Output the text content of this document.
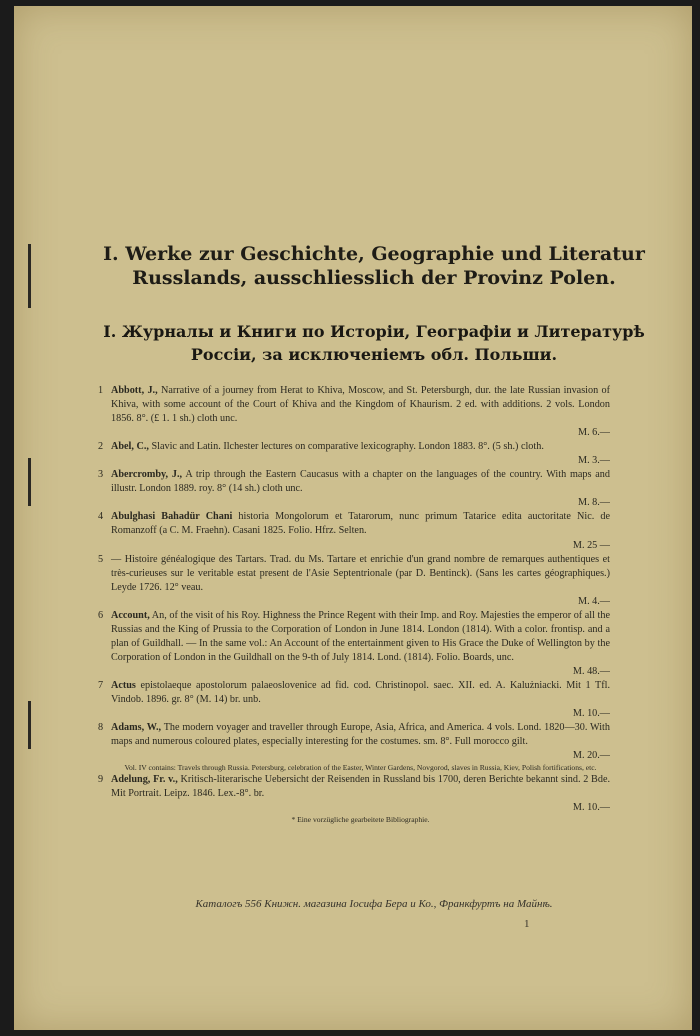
I. Werke zur Geschichte, Geographie und Literatur Russlands, ausschliesslich der Provinz Polen.
I. Журналы и Книги по Исторіи, Географіи и Литературѣ Россіи, за исключеніемъ обл. Польши.
1 Abbott, J., Narrative of a journey from Herat to Khiva, Moscow, and St. Petersburgh, dur. the late Russian invasion of Khiva, with some account of the Court of Khiva and the Kingdom of Khaurism. 2 ed. with additions. 2 vols. London 1856. 8°. (£ 1. 1 sh.) cloth unc.
M. 6.—
2 Abel, C., Slavic and Latin. Ilchester lectures on comparative lexicography. London 1883. 8°. (5 sh.) cloth.
M. 3.—
3 Abercromby, J., A trip through the Eastern Caucasus with a chapter on the languages of the country. With maps and illustr. London 1889. roy. 8° (14 sh.) cloth unc.
M. 8.—
4 Abulghasi Bahadür Chani historia Mongolorum et Tatarorum, nunc primum Tatarice edita auctoritate Nic. de Romanzoff (a C. M. Fraehn). Casani 1825. Folio. Hfrz. Selten.
M. 25 —
5 — Histoire généalogique des Tartars. Trad. du Ms. Tartare et enrichie d'un grand nombre de remarques authentiques et très-curieuses sur le veritable estat present de l'Asie Septentrionale (par D. Bentinck). (Sans les cartes géographiques.) Leyde 1726. 12° veau.
M. 4.—
6 Account, An, of the visit of his Roy. Highness the Prince Regent with their Imp. and Roy. Majesties the emperor of all the Russias and the King of Prussia to the Corporation of London in June 1814. London (1814). With a color. frontisp. and a plan of Guildhall. — In the same vol.: An Account of the entertainment given to His Grace the Duke of Wellington by the Corporation of London in the Guildhall on the 9-th of July 1814. Lond. (1814). Folio. Boards, unc.
M. 48.—
7 Actus epistolaeque apostolorum palaeoslovenice ad fid. cod. Christinopol. saec. XII. ed. A. Kalużniacki. Mit 1 Tfl. Vindob. 1896. gr. 8° (M. 14) br. unb.
M. 10.—
8 Adams, W., The modern voyager and traveller through Europe, Asia, Africa, and America. 4 vols. Lond. 1820—30. With maps and numerous coloured plates, especially interesting for the costumes. sm. 8°. Full morocco gilt.
M. 20.—
Vol. IV contains: Travels through Russia. Petersburg, celebration of the Easter, Winter Gardens, Novgorod, slaves in Russia, Kiev, Polish fortifications, etc.
9 Adelung, Fr. v., Kritisch-literarische Uebersicht der Reisenden in Russland bis 1700, deren Berichte bekannt sind. 2 Bde. Mit Portrait. Leipz. 1846. Lex.-8°. br.
M. 10.—
* Eine vorzügliche gearbeitete Bibliographie.
Каталогъ 556 Книжн. магазина Іосифа Бера и Ко., Франкфуртъ на Майнѣ.
1
